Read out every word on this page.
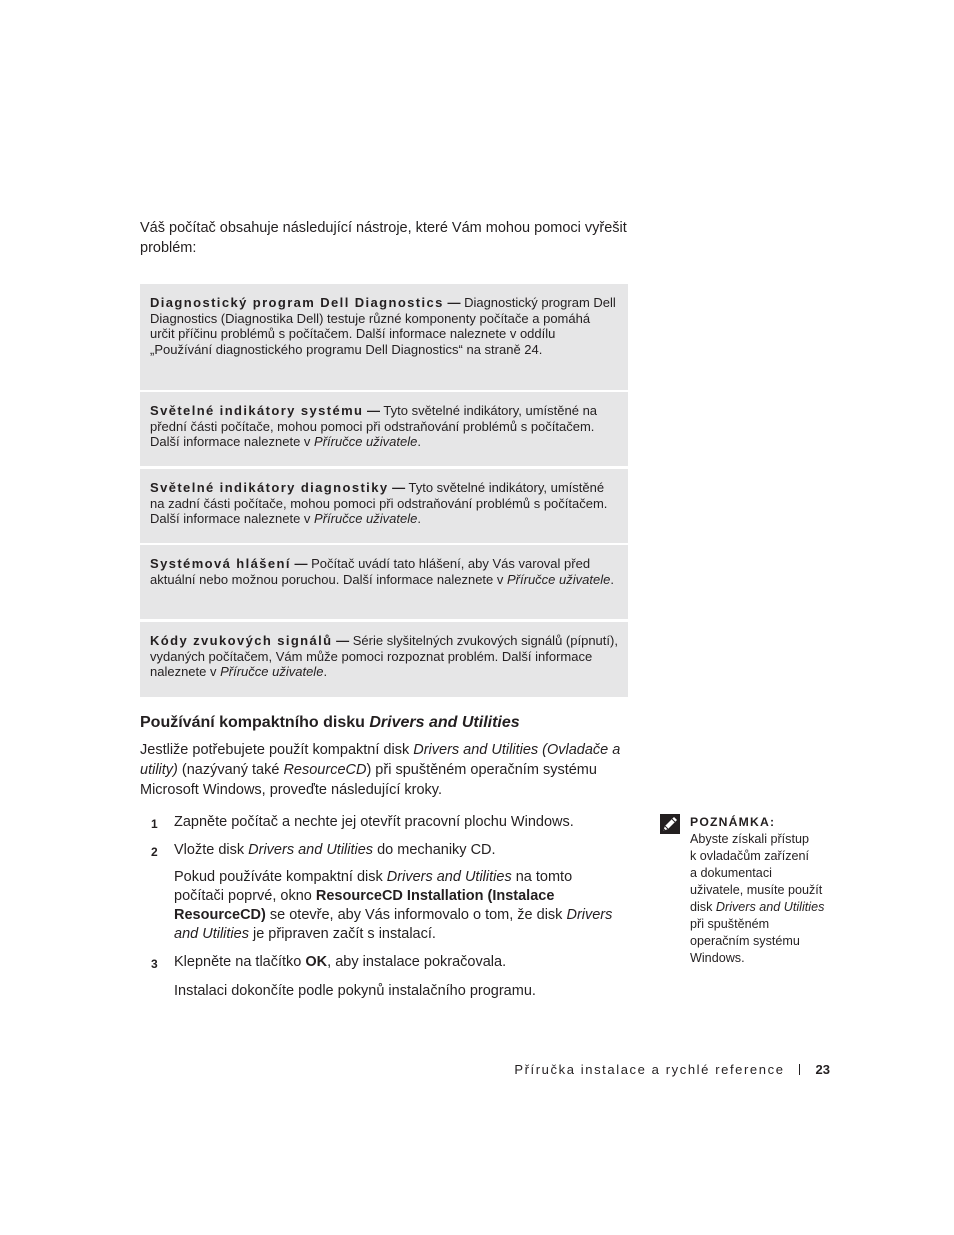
Váš počítač obsahuje následující nástroje, které Vám mohou pomoci vyřešit problém:

Diagnostický program Dell Diagnostics — Diagnostický program Dell Diagnostics (Diagnostika Dell) testuje různé komponenty počítače a pomáhá určit příčinu problémů s počítačem. Další informace naleznete v oddílu „Používání diagnostického programu Dell Diagnostics“ na straně 24.
Světelné indikátory systému — Tyto světelné indikátory, umístěné na přední části počítače, mohou pomoci při odstraňování problémů s počítačem. Další informace naleznete v Příručce uživatele.
Světelné indikátory diagnostiky — Tyto světelné indikátory, umístěné na zadní části počítače, mohou pomoci při odstraňování problémů s počítačem. Další informace naleznete v Příručce uživatele.
Systémová hlášení — Počítač uvádí tato hlášení, aby Vás varoval před aktuální nebo možnou poruchou. Další informace naleznete v Příručce uživatele.
Kódy zvukových signálů — Série slyšitelných zvukových signálů (pípnutí), vydaných počítačem, Vám může pomoci rozpoznat problém. Další informace naleznete v Příručce uživatele.
Používání kompaktního disku Drivers and Utilities

Jestliže potřebujete použít kompaktní disk Drivers and Utilities (Ovladače a utility) (nazývaný také ResourceCD) při spuštěném operačním systému Microsoft Windows, proveďte následující kroky.

1 Zapněte počítač a nechte jej otevřít pracovní plochu Windows.

2 Vložte disk Drivers and Utilities do mechaniky CD.

Pokud používáte kompaktní disk Drivers and Utilities na tomto počítači poprvé, okno ResourceCD Installation (Instalace ResourceCD) se otevře, aby Vás informovalo o tom, že disk Drivers and Utilities je připraven začít s instalací.

3 Klepněte na tlačítko OK, aby instalace pokračovala.

Instalaci dokončíte podle pokynů instalačního programu.

POZNÁMKA:
Abyste získali přístup
k ovladačům zařízení
a dokumentaci
uživatele, musíte použít
disk Drivers and Utilities
při spuštěném
operačním systému
Windows.
Příručka instalace a rychlé reference 23
